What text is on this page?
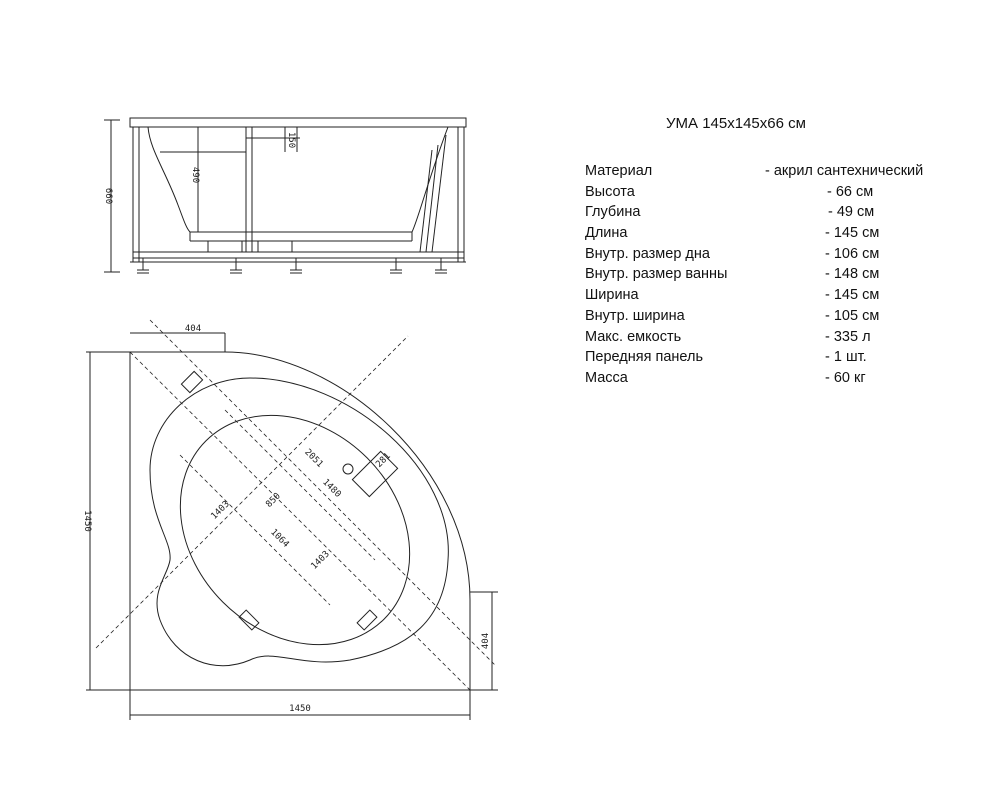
660
490
150
1450
1450
404
404
2051
1480
1403	850
1064
1403
281
УМА 145х145х66 см
Материал	- акрил сантехнический
Высота	- 66 см
Глубина	- 49 см
Длина	- 145 см
Внутр. размер дна	- 106 см
Внутр. размер ванны	- 148 см
Ширина	- 145 см
Внутр. ширина	- 105 см
Макс. емкость	- 335 л
Передняя панель	- 1 шт.
Масса	- 60 кг
